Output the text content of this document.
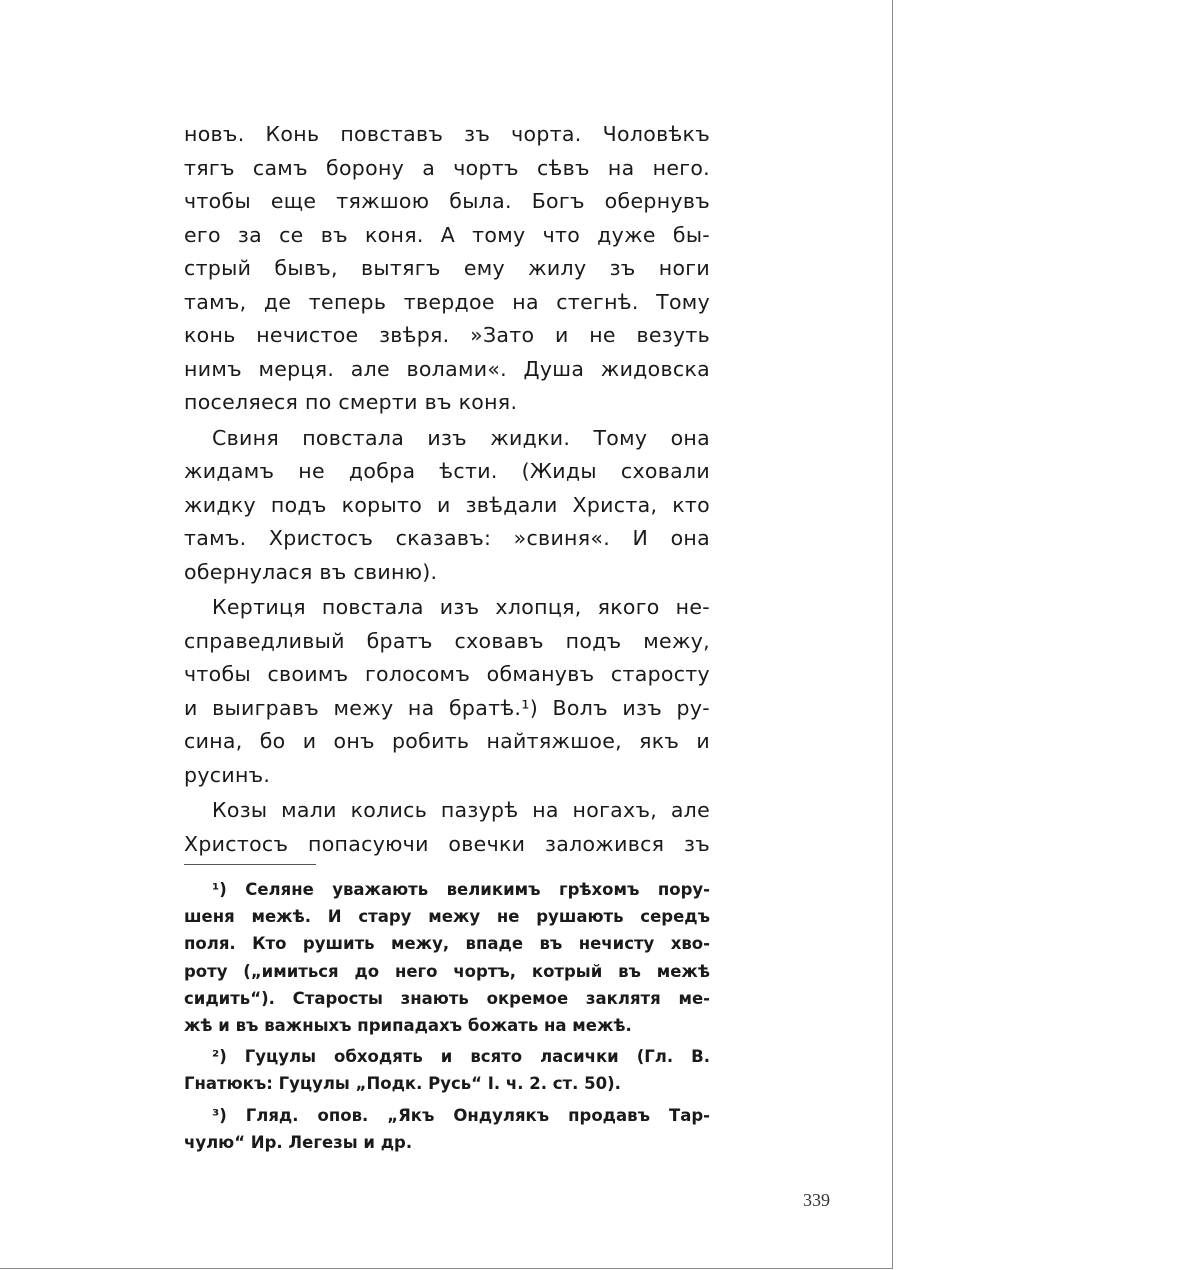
новъ. Конь повставъ зъ чорта. Чоловѣкъ
тягъ самъ борону а чортъ сѣвъ на него.
чтобы еще тяжшою была. Богъ обернувъ
его за се въ коня. А тому что дуже бы-
стрый бывъ, вытягъ ему жилу зъ ноги
тамъ, де теперь твердое на стегнѣ. Тому
конь нечистое звѣря. »Зато и не везуть
нимъ мерця. але волами«. Душа жидовска
поселяеся по смерти въ коня.
Свиня повстала изъ жидки. Тому она
жидамъ не добра ѣсти. (Жиды сховали
жидку подъ корыто и звѣдали Христа, кто
тамъ. Христосъ сказавъ: »свиня«. И она
обернулася въ свиню).
Кертиця повстала изъ хлопця, якого не-
справедливый братъ сховавъ подъ межу,
чтобы своимъ голосомъ обманувъ старосту
и выигравъ межу на братѣ.¹) Волъ изъ ру-
сина, бо и онъ робить найтяжшое, якъ и
русинъ.
Козы мали колись пазурѣ на ногахъ, але
Христосъ попасуючи овечки заложився зъ
¹) Селяне уважають великимъ грѣхомъ пору-
шеня межѣ. И стару межу не рушають середъ
поля. Кто рушить межу, впаде въ нечисту хво-
роту („имиться до него чортъ, котрый въ межѣ
сидить“). Старосты знають окремое заклятя ме-
жѣ и въ важныхъ припадахъ божать на межѣ.
²) Гуцулы обходять и всято ласички (Гл. В.
Гнатюкъ: Гуцулы „Подк. Русь“ I. ч. 2. ст. 50).
³) Гляд. опов. „Якъ Ондулякъ продавъ Тар-
чулю“ Ир. Легезы и др.
339
